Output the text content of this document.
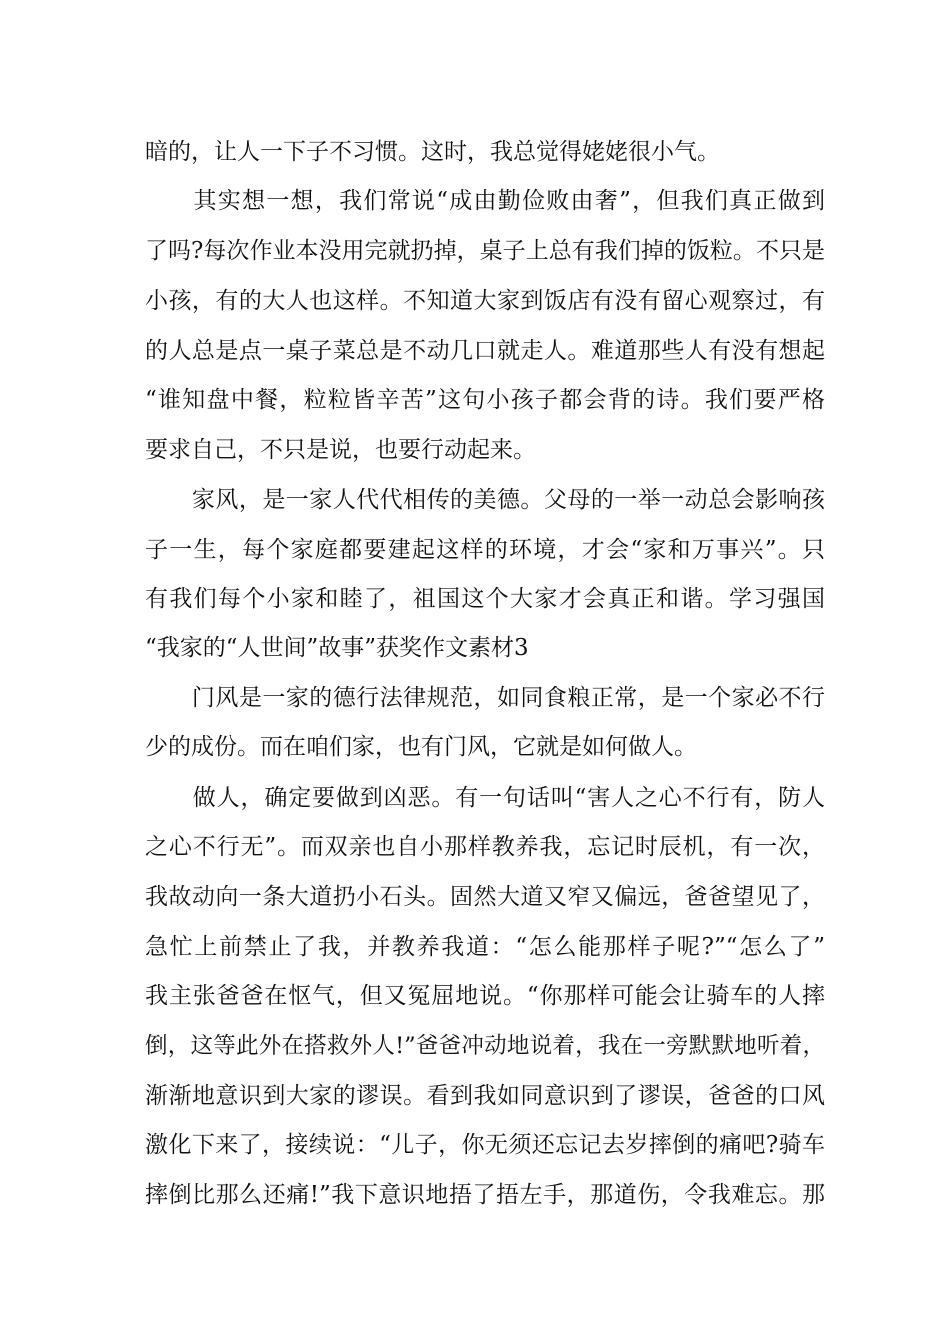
暗的，让人一下子不习惯。这时，我总觉得姥姥很小气。
　　其实想一想，我们常说“成由勤俭败由奢”，但我们真正做到
了吗?每次作业本没用完就扔掉，桌子上总有我们掉的饭粒。不只是
小孩，有的大人也这样。不知道大家到饭店有没有留心观察过，有
的人总是点一桌子菜总是不动几口就走人。难道那些人有没有想起
“谁知盘中餐，粒粒皆辛苦”这句小孩子都会背的诗。我们要严格
要求自己，不只是说，也要行动起来。
　　家风，是一家人代代相传的美德。父母的一举一动总会影响孩
子一生，每个家庭都要建起这样的环境，才会“家和万事兴”。只
有我们每个小家和睦了，祖国这个大家才会真正和谐。学习强国
“我家的“人世间”故事”获奖作文素材3
　　门风是一家的德行法律规范，如同食粮正常，是一个家必不行
少的成份。而在咱们家，也有门风，它就是如何做人。
　　做人，确定要做到凶恶。有一句话叫“害人之心不行有，防人
之心不行无”。而双亲也自小那样教养我，忘记时辰机，有一次，
我故动向一条大道扔小石头。固然大道又窄又偏远，爸爸望见了，
急忙上前禁止了我，并教养我道：“怎么能那样子呢?”“怎么了”
我主张爸爸在怄气，但又冤屈地说。“你那样可能会让骑车的人摔
倒，这等此外在搭救外人!”爸爸冲动地说着，我在一旁默默地听着，
渐渐地意识到大家的谬误。看到我如同意识到了谬误，爸爸的口风
激化下来了，接续说：“儿子，你无须还忘记去岁摔倒的痛吧?骑车
摔倒比那么还痛!”我下意识地捂了捂左手，那道伤，令我难忘。那
